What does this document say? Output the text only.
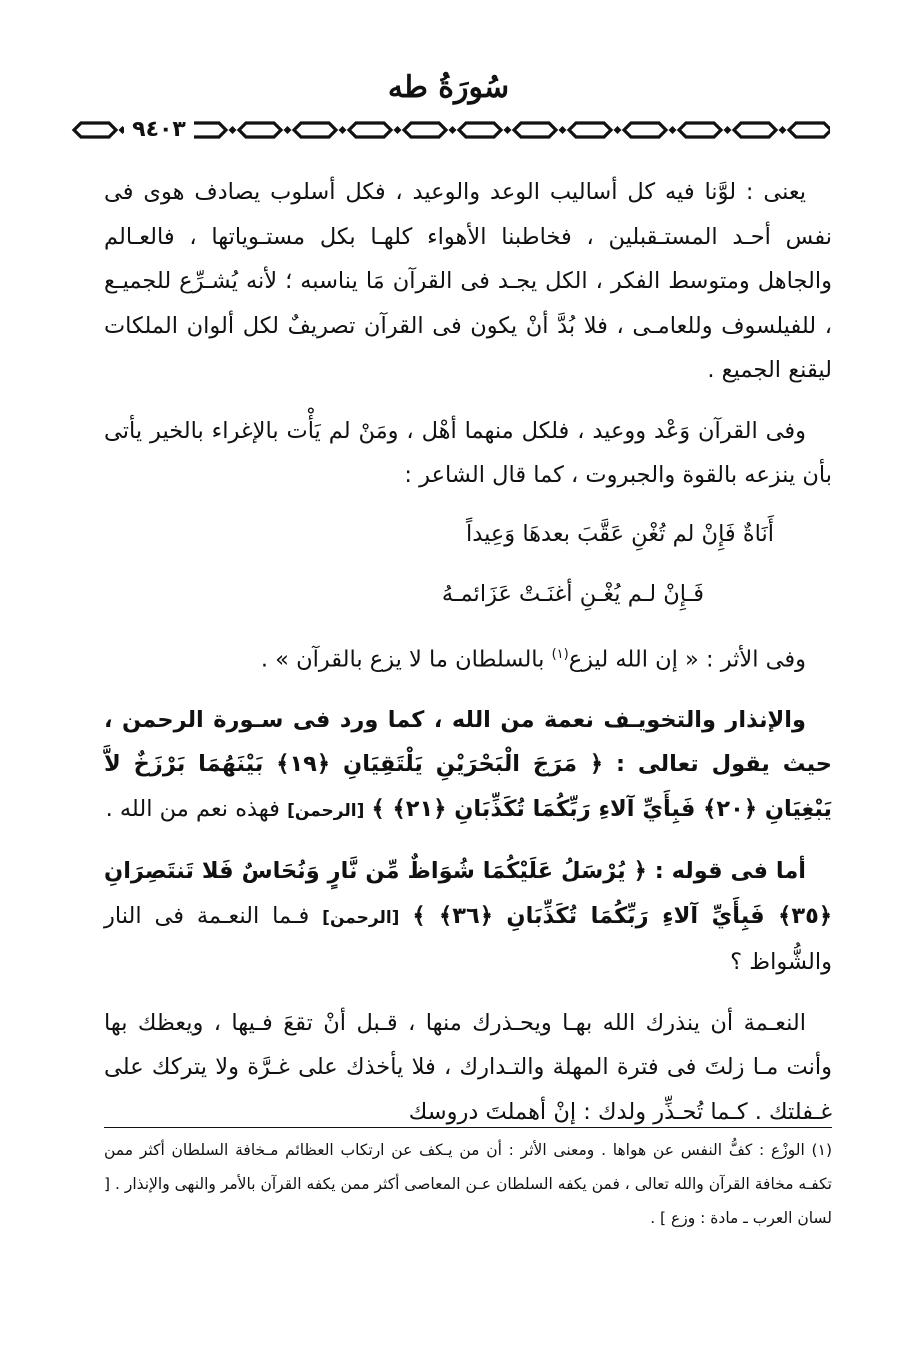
سُورَةُ طه
٩٤٠٣

يعنى : لوَّنا فيه كل أساليب الوعد والوعيد ، فكل أسلوب يصادف هوى فى نفس أحـد المستـقبلين ، فخاطبنا الأهواء كلهـا بكل مستـوياتها ، فالعـالم والجاهل ومتوسط الفكر ، الكل يجـد فى القرآن مَا يناسبه ؛ لأنه يُشـرِّع للجميـع ، للفيلسوف وللعامـى ، فلا بُدَّ أنْ يكون فى القرآن تصريفٌ لكل ألوان الملكات ليقنع الجميع .

وفى القرآن وَعْد ووعيد ، فلكل منهما أهْل ، ومَنْ لم يَأْت بالإغراء بالخير يأتى بأن ينزعه بالقوة والجبروت ، كما قال الشاعر :

أَنَاةٌ فَإِنْ لم تُغْنِ عَقَّبَ بعدهَا وَعِيداً

فَـإِنْ لـم يُغْـنِ أغنَـتْ عَزَائمـهُ

وفى الأثر : « إن الله ليزع$^{(١)}$ بالسلطان ما لا يزع بالقرآن » .

والإنذار والتخويـف نعمة من الله ، كما ورد فى سـورة الرحمن ، حيث يقول تعالى : ﴿ مَرَجَ الْبَحْرَيْنِ يَلْتَقِيَانِ ﴿١٩﴾ بَيْنَهُمَا بَرْزَخٌ لاَّ يَبْغِيَانِ ﴿٢٠﴾ فَبِأَيِّ آلاءِ رَبِّكُمَا تُكَذِّبَانِ ﴿٢١﴾ ﴾ [الرحمن] فهذه نعم من الله .

أما فى قوله : ﴿ يُرْسَلُ عَلَيْكُمَا شُوَاظٌ مِّن نَّارٍ وَنُحَاسٌ فَلا تَنتَصِرَانِ ﴿٣٥﴾ فَبِأَيِّ آلاءِ رَبِّكُمَا تُكَذِّبَانِ ﴿٣٦﴾ ﴾ [الرحمن] فـما النعـمة فى النار والشُّواظ ؟

النعـمة أن ينذرك الله بهـا ويحـذرك منها ، قـبل أنْ تقعَ فـيها ، ويعظك بها وأنت مـا زلتَ فى فترة المهلة والتـدارك ، فلا يأخذك على غـرَّة ولا يتركك على غـفلتك . كـما تُحـذِّر ولدك : إنْ أهملتَ دروسك

(١) الوزْع : كفُّ النفس عن هواها . ومعنى الأثر : أن من يـكف عن ارتكاب العظائم مـخافة السلطان أكثر ممن تكفـه مخافة القرآن والله تعالى ، فمن يكفه السلطان عـن المعاصى أكثر ممن يكفه القرآن بالأمر والنهى والإنذار . [ لسان العرب ـ مادة : وزع ] .
